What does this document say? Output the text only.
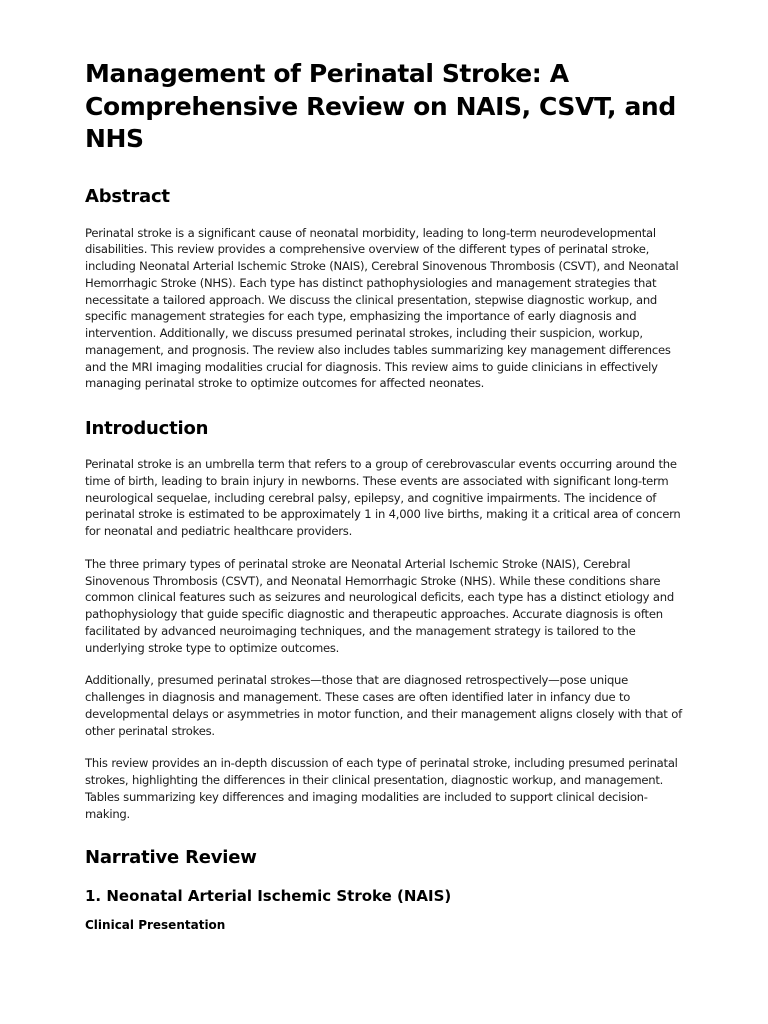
Management of Perinatal Stroke: A Comprehensive Review on NAIS, CSVT, and NHS
Abstract

Perinatal stroke is a significant cause of neonatal morbidity, leading to long-term neurodevelopmental disabilities. This review provides a comprehensive overview of the different types of perinatal stroke, including Neonatal Arterial Ischemic Stroke (NAIS), Cerebral Sinovenous Thrombosis (CSVT), and Neonatal Hemorrhagic Stroke (NHS). Each type has distinct pathophysiologies and management strategies that necessitate a tailored approach. We discuss the clinical presentation, stepwise diagnostic workup, and specific management strategies for each type, emphasizing the importance of early diagnosis and intervention. Additionally, we discuss presumed perinatal strokes, including their suspicion, workup, management, and prognosis. The review also includes tables summarizing key management differences and the MRI imaging modalities crucial for diagnosis. This review aims to guide clinicians in effectively managing perinatal stroke to optimize outcomes for affected neonates.

Introduction

Perinatal stroke is an umbrella term that refers to a group of cerebrovascular events occurring around the time of birth, leading to brain injury in newborns. These events are associated with significant long-term neurological sequelae, including cerebral palsy, epilepsy, and cognitive impairments. The incidence of perinatal stroke is estimated to be approximately 1 in 4,000 live births, making it a critical area of concern for neonatal and pediatric healthcare providers.

The three primary types of perinatal stroke are Neonatal Arterial Ischemic Stroke (NAIS), Cerebral Sinovenous Thrombosis (CSVT), and Neonatal Hemorrhagic Stroke (NHS). While these conditions share common clinical features such as seizures and neurological deficits, each type has a distinct etiology and pathophysiology that guide specific diagnostic and therapeutic approaches. Accurate diagnosis is often facilitated by advanced neuroimaging techniques, and the management strategy is tailored to the underlying stroke type to optimize outcomes.

Additionally, presumed perinatal strokes—those that are diagnosed retrospectively—pose unique challenges in diagnosis and management. These cases are often identified later in infancy due to developmental delays or asymmetries in motor function, and their management aligns closely with that of other perinatal strokes.

This review provides an in-depth discussion of each type of perinatal stroke, including presumed perinatal strokes, highlighting the differences in their clinical presentation, diagnostic workup, and management. Tables summarizing key differences and imaging modalities are included to support clinical decision-making.

Narrative Review
1. Neonatal Arterial Ischemic Stroke (NAIS)
Clinical Presentation
